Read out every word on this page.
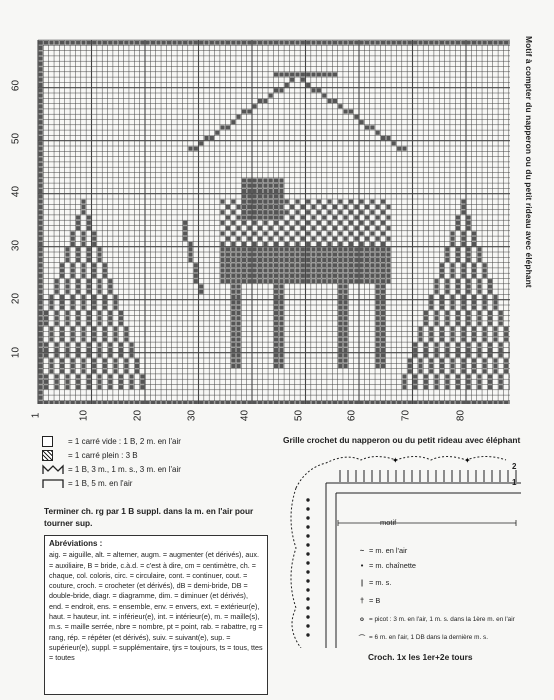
Motif à compter du napperon ou du petit rideau avec éléphant
60
50
40
30
20
10
1	10	20	30	40	50	60	70	80
= 1 carré vide : 1 B, 2 m. en l'air
= 1 carré plein : 3 B
= 1 B, 3 m., 1 m. s., 3 m. en l'air
= 1 B, 5 m. en l'air
Terminer ch. rg par 1 B suppl. dans la m. en l'air pour tourner sup.
Abréviations :
aig. = aiguille, alt. = alterner, augm. = augmenter (et dérivés), aux. = auxiliaire, B = bride, c.à.d. = c'est à dire, cm = centimètre, ch. = chaque, col. coloris, circ. = circulaire, cont. = continuer, cout. = couture, croch. = crocheter (et dérivés), dB = demi-bride, DB = double-bride, diagr. = diagramme, dim. = diminuer (et dérivés), end. = endroit, ens. = ensemble, env. = envers, ext. = extérieur(e), haut. = hauteur, int. = inférieur(e), int. = intérieur(e), m. = maille(s), m.s. = maille serrée, nbre = nombre, pt = point, rab. = rabattre, rg = rang, rép. = répéter (et dérivés), suiv. = suivant(e), sup. = supérieur(e), suppl. = supplémentaire, tjrs = toujours, ts = tous, ttes = toutes
Grille crochet du napperon ou du petit rideau avec éléphant
✦	✦
motif
2
1
~ = m. en l'air
• = m. chaînette
| = m. s.
† = B
o = picot : 3 m. en l'air, 1 m. s. dans la 1ère m. en l'air
⌒ = 6 m. en l'air, 1 DB dans la dernière m. s.
Croch. 1x les 1er+2e tours
